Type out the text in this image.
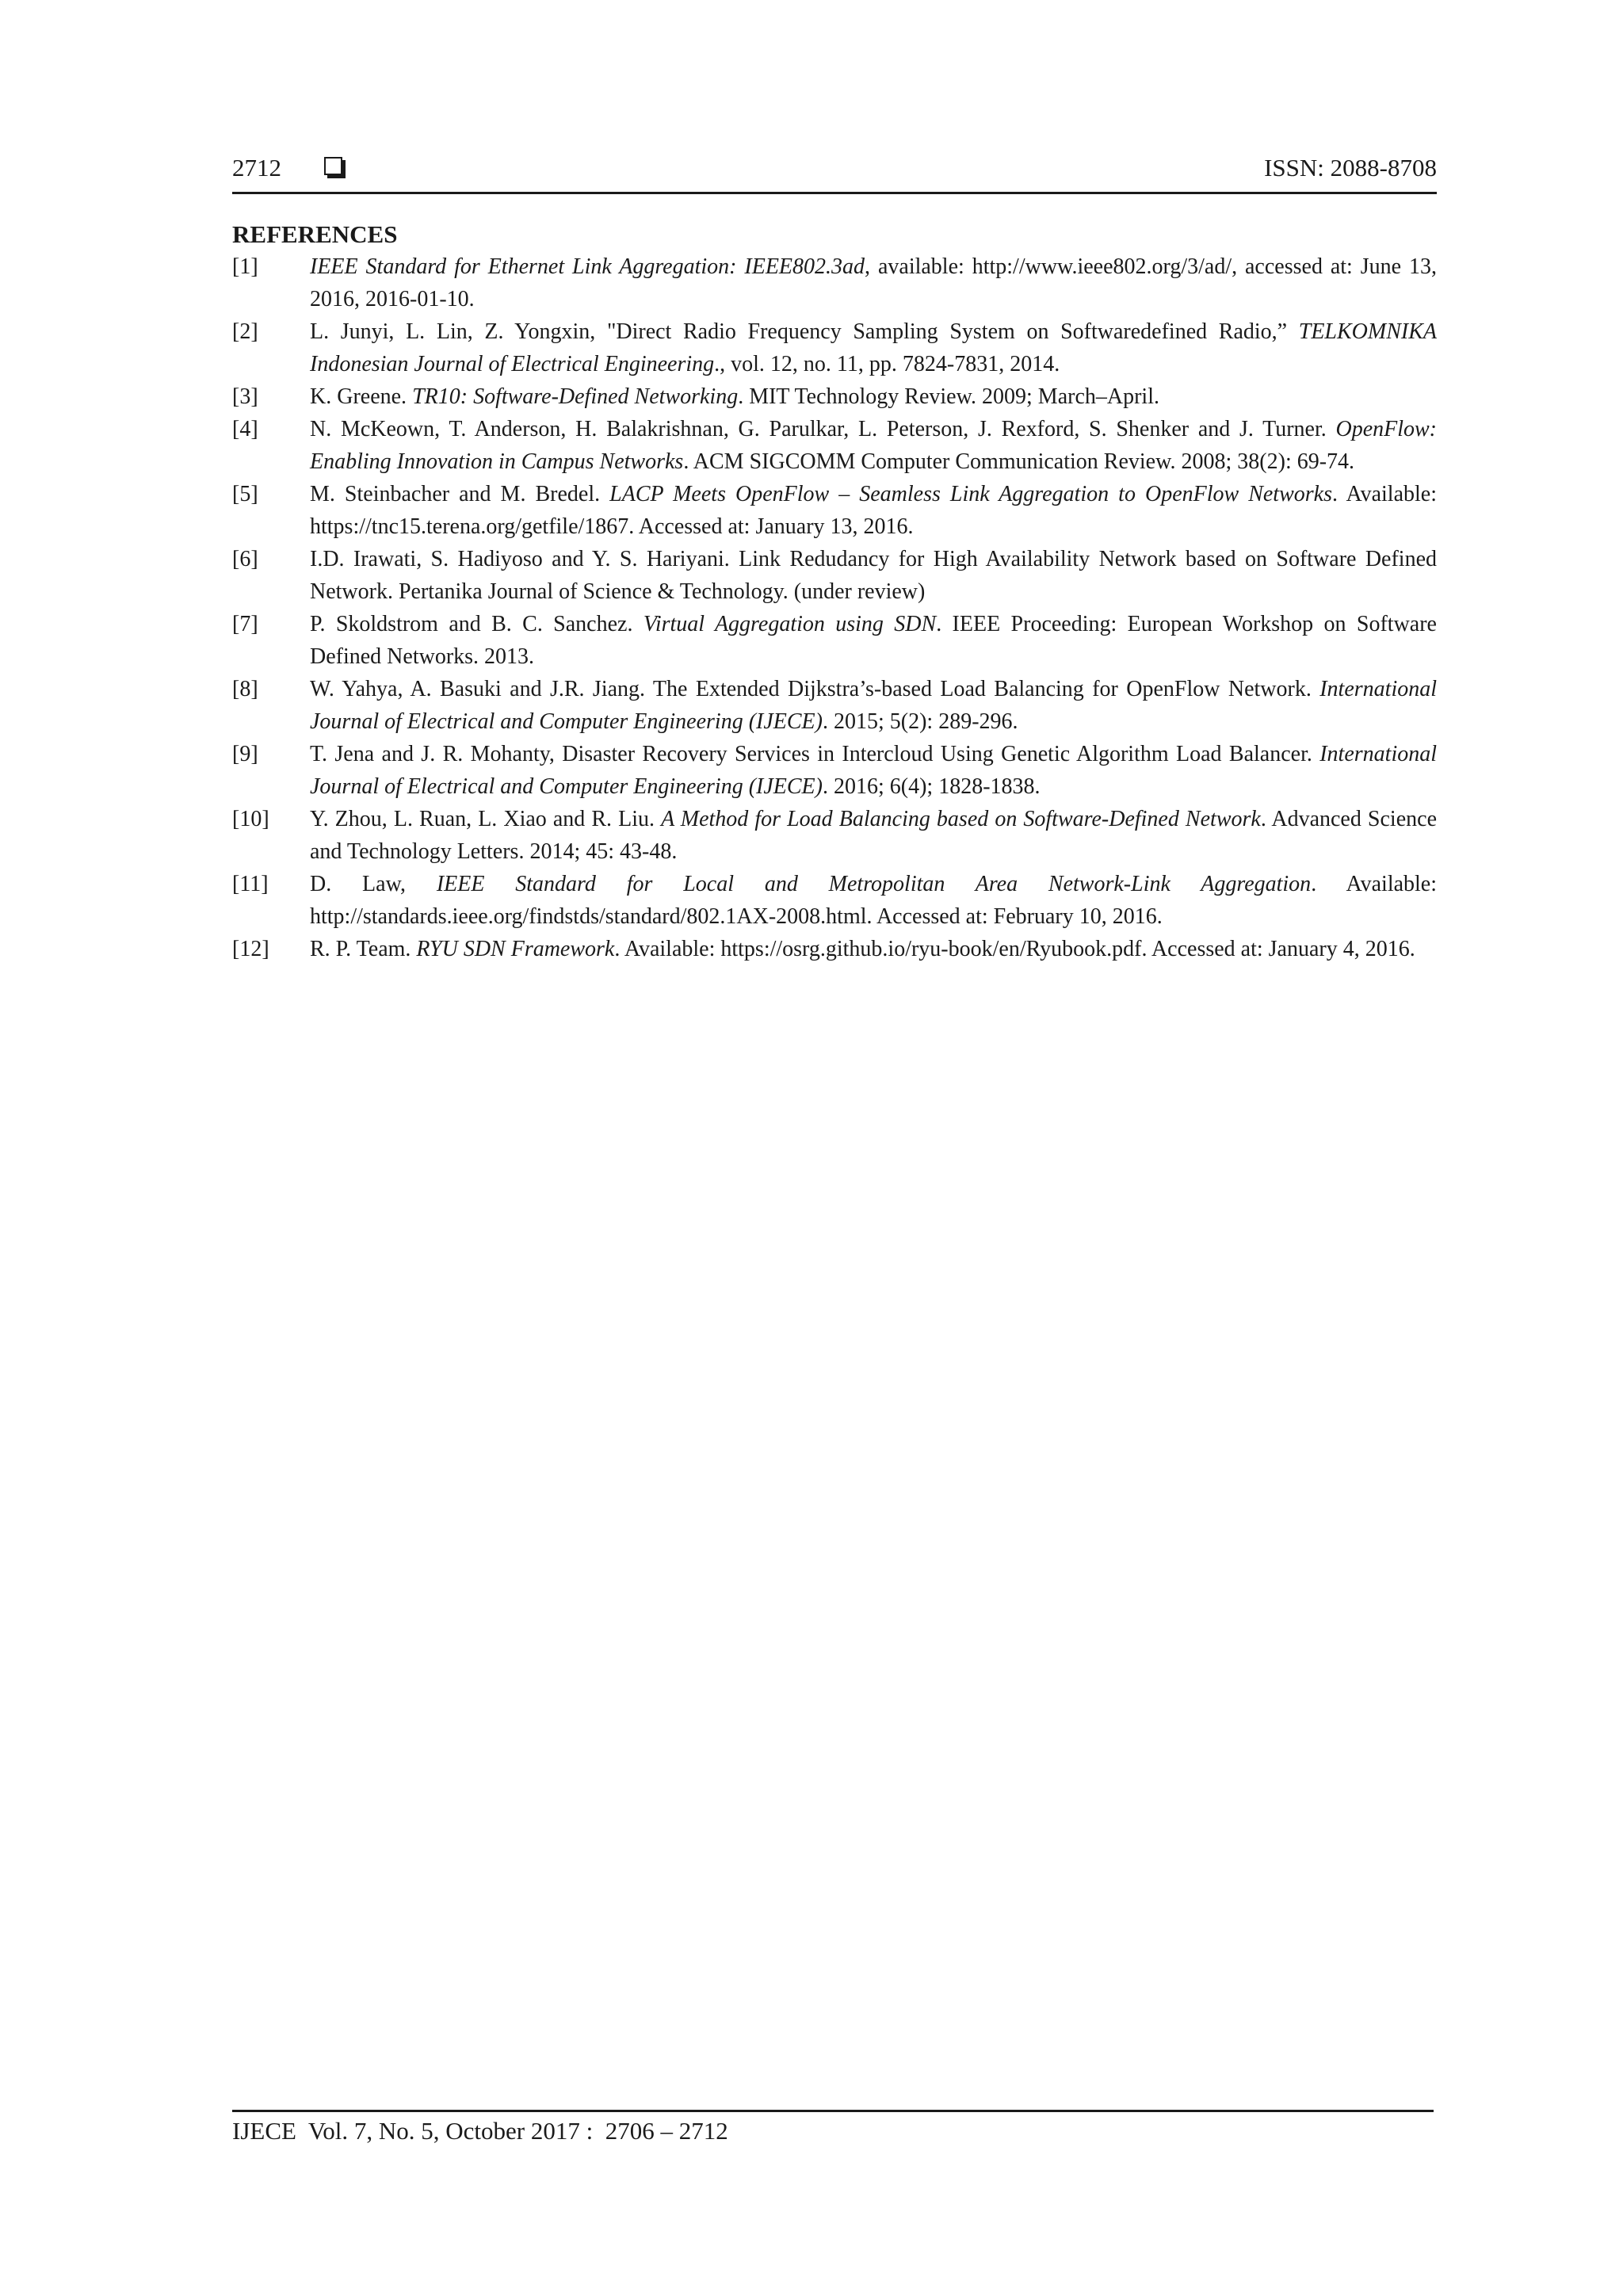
2712	ISSN: 2088-8708
REFERENCES
[1] IEEE Standard for Ethernet Link Aggregation: IEEE802.3ad, available: http://www.ieee802.org/3/ad/, accessed at: June 13, 2016, 2016-01-10.
[2] L. Junyi, L. Lin, Z. Yongxin, "Direct Radio Frequency Sampling System on Softwaredefined Radio,” TELKOMNIKA Indonesian Journal of Electrical Engineering., vol. 12, no. 11, pp. 7824-7831, 2014.
[3] K. Greene. TR10: Software-Defined Networking. MIT Technology Review. 2009; March–April.
[4] N. McKeown, T. Anderson, H. Balakrishnan, G. Parulkar, L. Peterson, J. Rexford, S. Shenker and J. Turner. OpenFlow: Enabling Innovation in Campus Networks. ACM SIGCOMM Computer Communication Review. 2008; 38(2): 69-74.
[5] M. Steinbacher and M. Bredel. LACP Meets OpenFlow – Seamless Link Aggregation to OpenFlow Networks. Available: https://tnc15.terena.org/getfile/1867. Accessed at: January 13, 2016.
[6] I.D. Irawati, S. Hadiyoso and Y. S. Hariyani. Link Redudancy for High Availability Network based on Software Defined Network. Pertanika Journal of Science & Technology. (under review)
[7] P. Skoldstrom and B. C. Sanchez. Virtual Aggregation using SDN. IEEE Proceeding: European Workshop on Software Defined Networks. 2013.
[8] W. Yahya, A. Basuki and J.R. Jiang. The Extended Dijkstra’s-based Load Balancing for OpenFlow Network. International Journal of Electrical and Computer Engineering (IJECE). 2015; 5(2): 289-296.
[9] T. Jena and J. R. Mohanty, Disaster Recovery Services in Intercloud Using Genetic Algorithm Load Balancer. International Journal of Electrical and Computer Engineering (IJECE). 2016; 6(4); 1828-1838.
[10] Y. Zhou, L. Ruan, L. Xiao and R. Liu. A Method for Load Balancing based on Software-Defined Network. Advanced Science and Technology Letters. 2014; 45: 43-48.
[11] D. Law, IEEE Standard for Local and Metropolitan Area Network-Link Aggregation. Available: http://standards.ieee.org/findstds/standard/802.1AX-2008.html. Accessed at: February 10, 2016.
[12] R. P. Team. RYU SDN Framework. Available: https://osrg.github.io/ryu-book/en/Ryubook.pdf. Accessed at: January 4, 2016.
IJECE  Vol. 7, No. 5, October 2017 :  2706 – 2712
